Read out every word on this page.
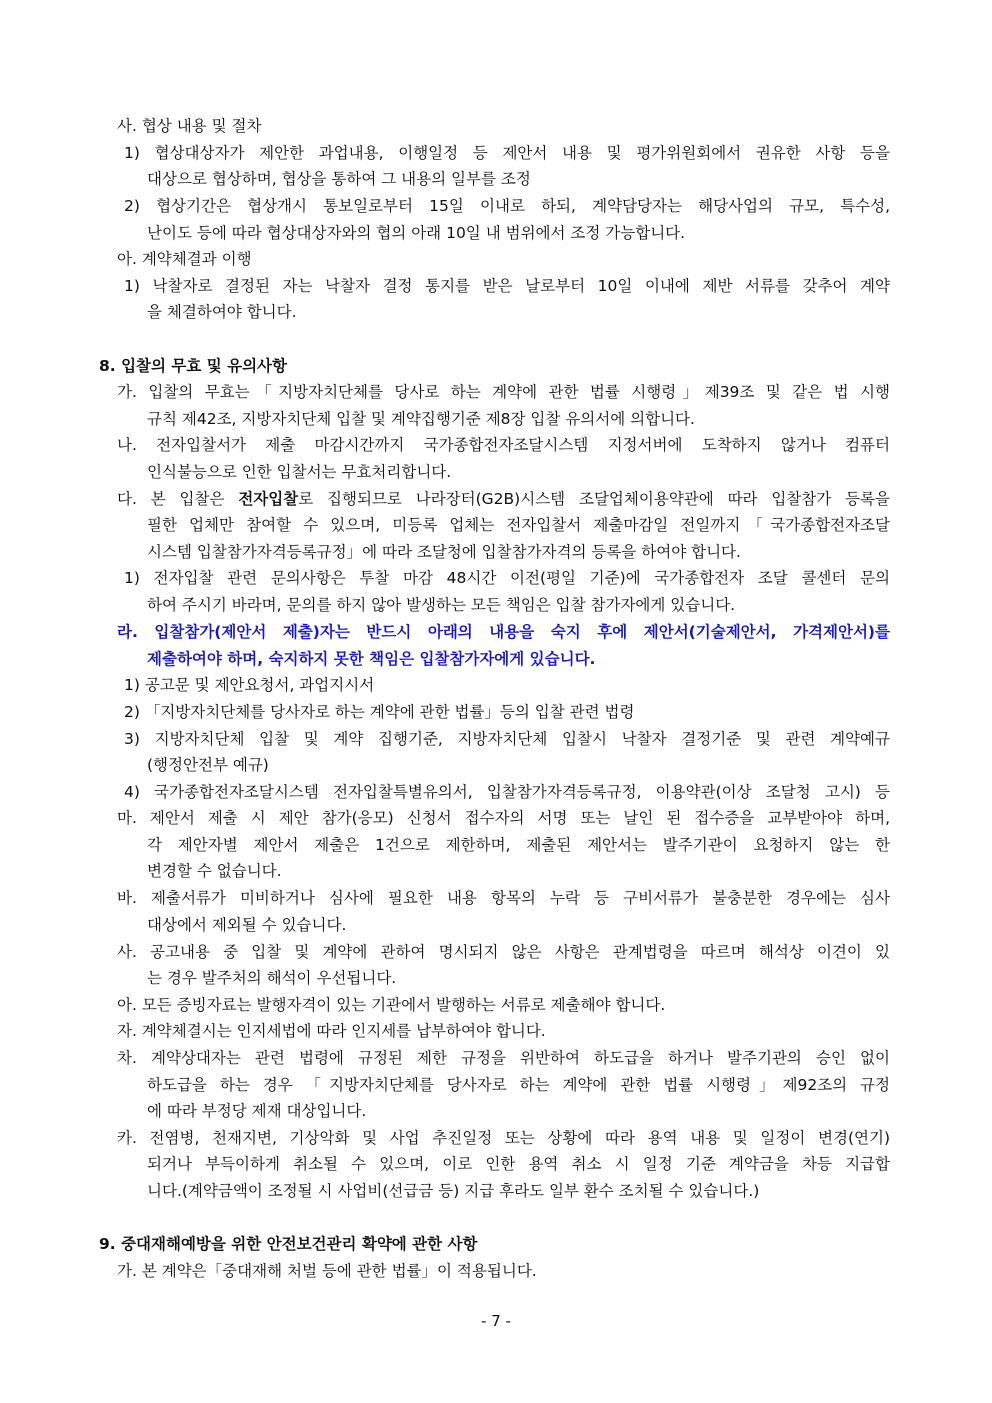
사. 협상 내용 및 절차
1) 협상대상자가 제안한 과업내용, 이행일정 등 제안서 내용 및 평가위원회에서 권유한 사항 등을
대상으로 협상하며, 협상을 통하여 그 내용의 일부를 조정
2) 협상기간은 협상개시 통보일로부터 15일 이내로 하되, 계약담당자는 해당사업의 규모, 특수성,
난이도 등에 따라 협상대상자와의 협의 아래 10일 내 범위에서 조정 가능합니다.
아. 계약체결과 이행
1) 낙찰자로 결정된 자는 낙찰자 결정 통지를 받은 날로부터 10일 이내에 제반 서류를 갖추어 계약
을 체결하여야 합니다.
8. 입찰의 무효 및 유의사항
가. 입찰의 무효는「지방자치단체를 당사로 하는 계약에 관한 법률 시행령」제39조 및 같은 법 시행
규칙 제42조, 지방자치단체 입찰 및 계약집행기준 제8장 입찰 유의서에 의합니다.
나. 전자입찰서가 제출 마감시간까지 국가종합전자조달시스템 지정서버에 도착하지 않거나 컴퓨터
인식불능으로 인한 입찰서는 무효처리합니다.
다. 본 입찰은 전자입찰로 집행되므로 나라장터(G2B)시스템 조달업체이용약관에 따라 입찰참가 등록을
필한 업체만 참여할 수 있으며, 미등록 업체는 전자입찰서 제출마감일 전일까지「국가종합전자조달
시스템 입찰참가자격등록규정」에 따라 조달청에 입찰참가자격의 등록을 하여야 합니다.
1) 전자입찰 관련 문의사항은 투찰 마감 48시간 이전(평일 기준)에 국가종합전자 조달 콜센터 문의
하여 주시기 바라며, 문의를 하지 않아 발생하는 모든 책임은 입찰 참가자에게 있습니다.
라. 입찰참가(제안서 제출)자는 반드시 아래의 내용을 숙지 후에 제안서(기술제안서, 가격제안서)를
제출하여야 하며, 숙지하지 못한 책임은 입찰참가자에게 있습니다.
1) 공고문 및 제안요청서, 과업지시서
2) 「지방자치단체를 당사자로 하는 계약에 관한 법률」등의 입찰 관련 법령
3) 지방자치단체 입찰 및 계약 집행기준, 지방자치단체 입찰시 낙찰자 결정기준 및 관련 계약예규
(행정안전부 예규)
4) 국가종합전자조달시스템 전자입찰특별유의서, 입찰참가자격등록규정, 이용약관(이상 조달청 고시) 등
마. 제안서 제출 시 제안 참가(응모) 신청서 접수자의 서명 또는 날인 된 접수증을 교부받아야 하며,
각 제안자별 제안서 제출은 1건으로 제한하며, 제출된 제안서는 발주기관이 요청하지 않는 한
변경할 수 없습니다.
바. 제출서류가 미비하거나 심사에 필요한 내용 항목의 누락 등 구비서류가 불충분한 경우에는 심사
대상에서 제외될 수 있습니다.
사. 공고내용 중 입찰 및 계약에 관하여 명시되지 않은 사항은 관계법령을 따르며 해석상 이견이 있
는 경우 발주처의 해석이 우선됩니다.
아. 모든 증빙자료는 발행자격이 있는 기관에서 발행하는 서류로 제출해야 합니다.
자. 계약체결시는 인지세법에 따라 인지세를 납부하여야 합니다.
차. 계약상대자는 관련 법령에 규정된 제한 규정을 위반하여 하도급을 하거나 발주기관의 승인 없이
하도급을 하는 경우 「지방자치단체를 당사자로 하는 계약에 관한 법률 시행령」제92조의 규정
에 따라 부정당 제재 대상입니다.
카. 전염병, 천재지변, 기상악화 및 사업 추진일정 또는 상황에 따라 용역 내용 및 일정이 변경(연기)
되거나 부득이하게 취소될 수 있으며, 이로 인한 용역 취소 시 일정 기준 계약금을 차등 지급합
니다.(계약금액이 조정될 시 사업비(선급금 등) 지급 후라도 일부 환수 조치될 수 있습니다.)
9. 중대재해예방을 위한 안전보건관리 확약에 관한 사항
가. 본 계약은「중대재해 처벌 등에 관한 법률」이 적용됩니다.
- 7 -
